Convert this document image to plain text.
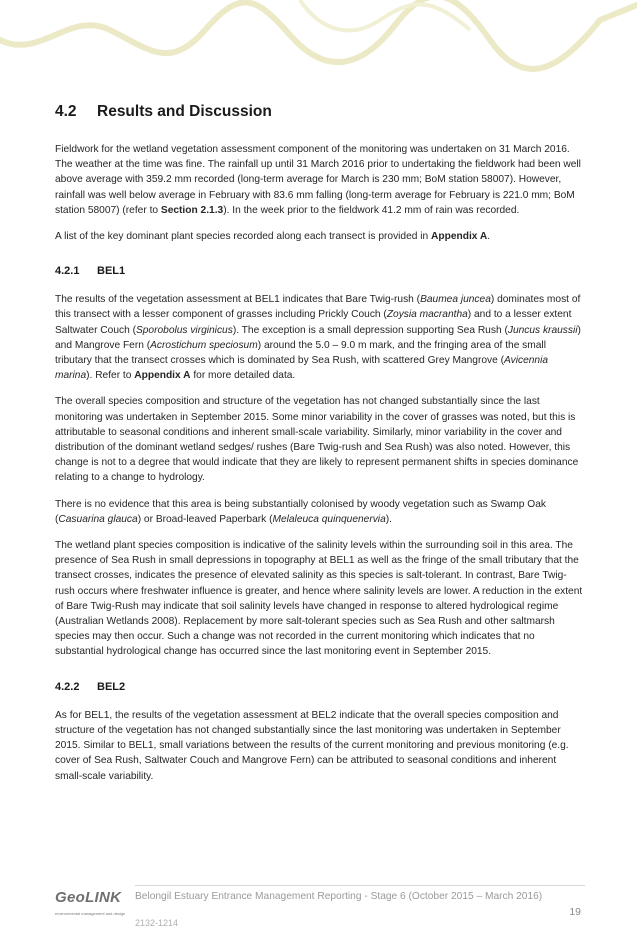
4.2 Results and Discussion

Fieldwork for the wetland vegetation assessment component of the monitoring was undertaken on 31 March 2016. The weather at the time was fine. The rainfall up until 31 March 2016 prior to undertaking the fieldwork had been well above average with 359.2 mm recorded (long-term average for March is 230 mm; BoM station 58007). However, rainfall was well below average in February with 83.6 mm falling (long-term average for February is 221.0 mm; BoM station 58007) (refer to Section 2.1.3). In the week prior to the fieldwork 41.2 mm of rain was recorded.

A list of the key dominant plant species recorded along each transect is provided in Appendix A.

4.2.1 BEL1

The results of the vegetation assessment at BEL1 indicates that Bare Twig-rush (Baumea juncea) dominates most of this transect with a lesser component of grasses including Prickly Couch (Zoysia macrantha) and to a lesser extent Saltwater Couch (Sporobolus virginicus). The exception is a small depression supporting Sea Rush (Juncus kraussii) and Mangrove Fern (Acrostichum speciosum) around the 5.0 – 9.0 m mark, and the fringing area of the small tributary that the transect crosses which is dominated by Sea Rush, with scattered Grey Mangrove (Avicennia marina). Refer to Appendix A for more detailed data.

The overall species composition and structure of the vegetation has not changed substantially since the last monitoring was undertaken in September 2015. Some minor variability in the cover of grasses was noted, but this is attributable to seasonal conditions and inherent small-scale variability. Similarly, minor variability in the cover and distribution of the dominant wetland sedges/ rushes (Bare Twig-rush and Sea Rush) was also noted. However, this change is not to a degree that would indicate that they are likely to represent permanent shifts in species dominance relating to a change to hydrology.

There is no evidence that this area is being substantially colonised by woody vegetation such as Swamp Oak (Casuarina glauca) or Broad-leaved Paperbark (Melaleuca quinquenervia).

The wetland plant species composition is indicative of the salinity levels within the surrounding soil in this area. The presence of Sea Rush in small depressions in topography at BEL1 as well as the fringe of the small tributary that the transect crosses, indicates the presence of elevated salinity as this species is salt-tolerant. In contrast, Bare Twig-rush occurs where freshwater influence is greater, and hence where salinity levels are lower. A reduction in the extent of Bare Twig-Rush may indicate that soil salinity levels have changed in response to altered hydrological regime (Australian Wetlands 2008). Replacement by more salt-tolerant species such as Sea Rush and other saltmarsh species may then occur. Such a change was not recorded in the current monitoring which indicates that no substantial hydrological change has occurred since the last monitoring event in September 2015.

4.2.2 BEL2

As for BEL1, the results of the vegetation assessment at BEL2 indicate that the overall species composition and structure of the vegetation has not changed substantially since the last monitoring was undertaken in September 2015. Similar to BEL1, small variations between the results of the current monitoring and previous monitoring (e.g. cover of Sea Rush, Saltwater Couch and Mangrove Fern) can be attributed to seasonal conditions and inherent small-scale variability.

GeoLINK
environmental management and design
Belongil Estuary Entrance Management Reporting - Stage 6 (October 2015 – March 2016)
2132-1214
19
